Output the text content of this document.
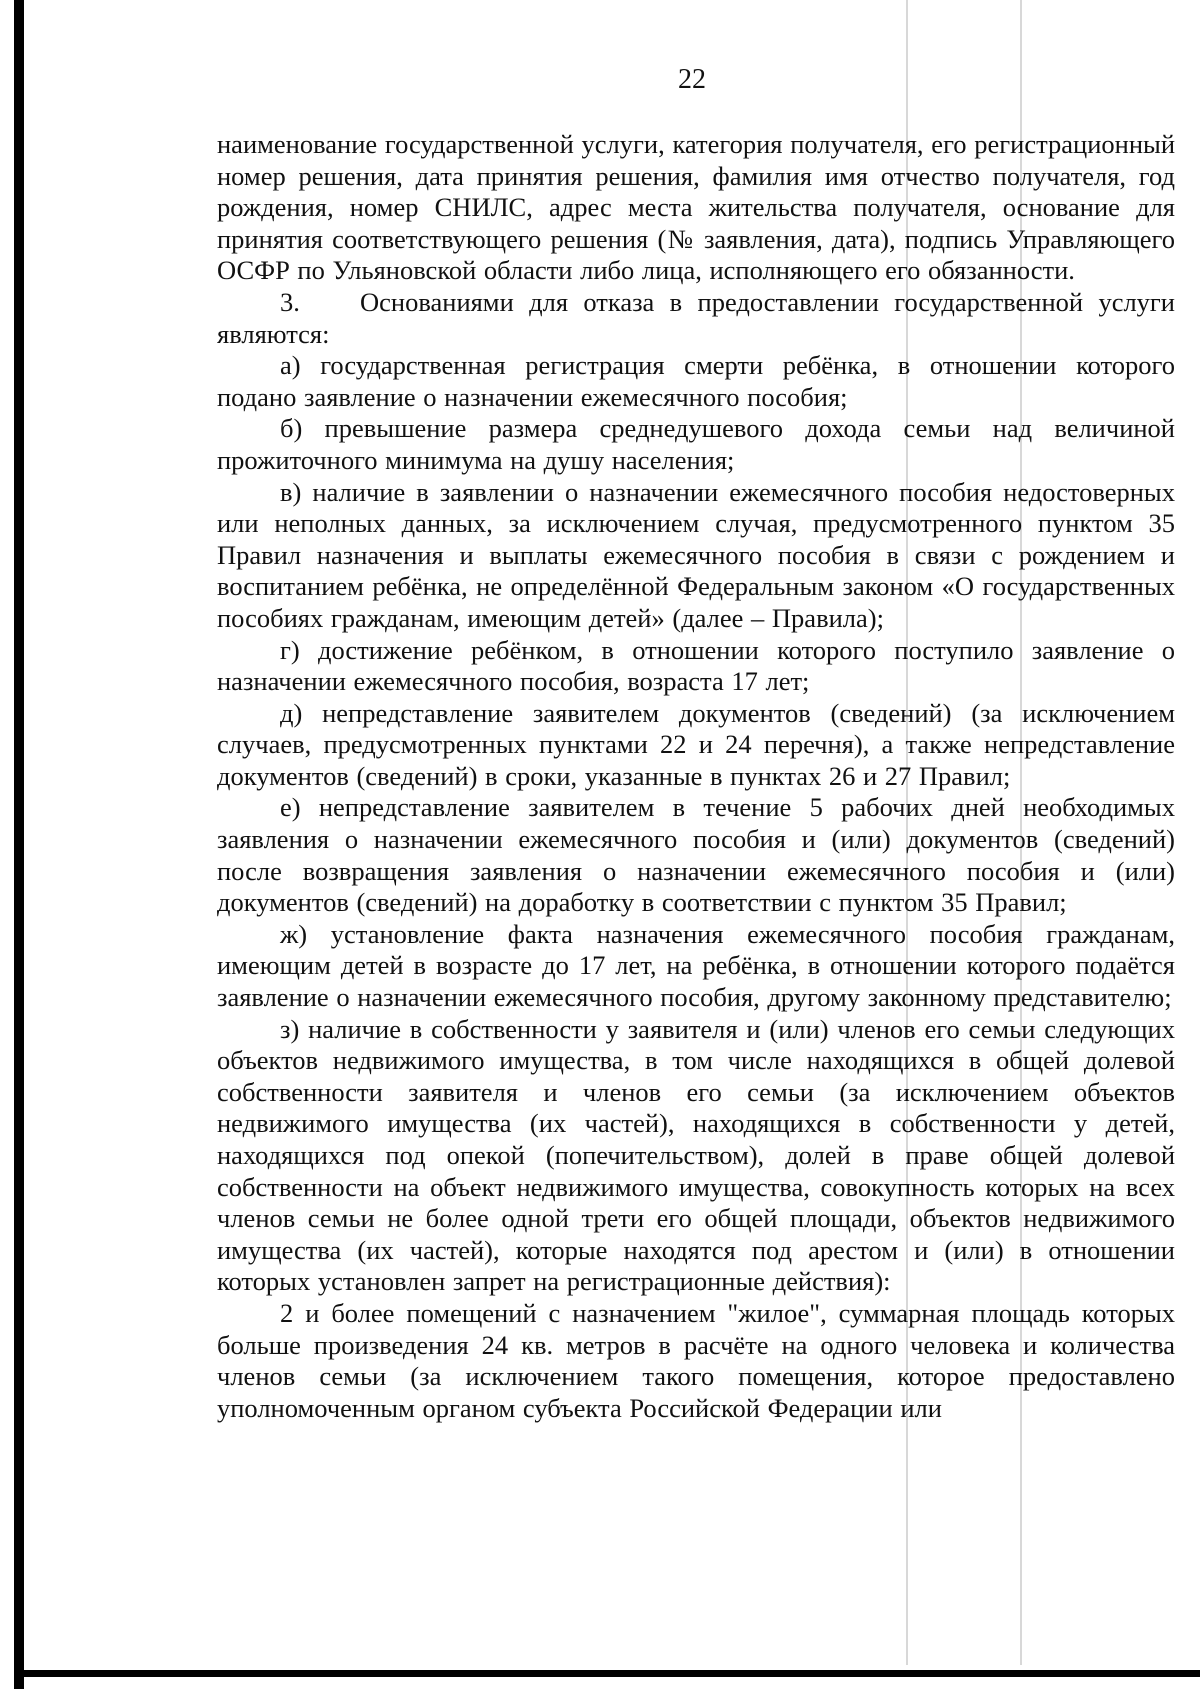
22

наименование государственной услуги, категория получателя, его регистрационный номер решения, дата принятия решения, фамилия имя отчество получателя, год рождения, номер СНИЛС, адрес места жительства получателя, основание для принятия соответствующего решения (№ заявления, дата), подпись Управляющего ОСФР по Ульяновской области либо лица, исполняющего его обязанности.

3. Основаниями для отказа в предоставлении государственной услуги являются:

а) государственная регистрация смерти ребёнка, в отношении которого подано заявление о назначении ежемесячного пособия;

б) превышение размера среднедушевого дохода семьи над величиной прожиточного минимума на душу населения;

в) наличие в заявлении о назначении ежемесячного пособия недостоверных или неполных данных, за исключением случая, предусмотренного пунктом 35 Правил назначения и выплаты ежемесячного пособия в связи с рождением и воспитанием ребёнка, не определённой Федеральным законом «О государственных пособиях гражданам, имеющим детей» (далее – Правила);

г) достижение ребёнком, в отношении которого поступило заявление о назначении ежемесячного пособия, возраста 17 лет;

д) непредставление заявителем документов (сведений) (за исключением случаев, предусмотренных пунктами 22 и 24 перечня), а также непредставление документов (сведений) в сроки, указанные в пунктах 26 и 27 Правил;

е) непредставление заявителем в течение 5 рабочих дней необходимых заявления о назначении ежемесячного пособия и (или) документов (сведений) после возвращения заявления о назначении ежемесячного пособия и (или) документов (сведений) на доработку в соответствии с пунктом 35 Правил;

ж) установление факта назначения ежемесячного пособия гражданам, имеющим детей в возрасте до 17 лет, на ребёнка, в отношении которого подаётся заявление о назначении ежемесячного пособия, другому законному представителю;

з) наличие в собственности у заявителя и (или) членов его семьи следующих объектов недвижимого имущества, в том числе находящихся в общей долевой собственности заявителя и членов его семьи (за исключением объектов недвижимого имущества (их частей), находящихся в собственности у детей, находящихся под опекой (попечительством), долей в праве общей долевой собственности на объект недвижимого имущества, совокупность которых на всех членов семьи не более одной трети его общей площади, объектов недвижимого имущества (их частей), которые находятся под арестом и (или) в отношении которых установлен запрет на регистрационные действия):

2 и более помещений с назначением "жилое", суммарная площадь которых больше произведения 24 кв. метров в расчёте на одного человека и количества членов семьи (за исключением такого помещения, которое предоставлено уполномоченным органом субъекта Российской Федерации или
